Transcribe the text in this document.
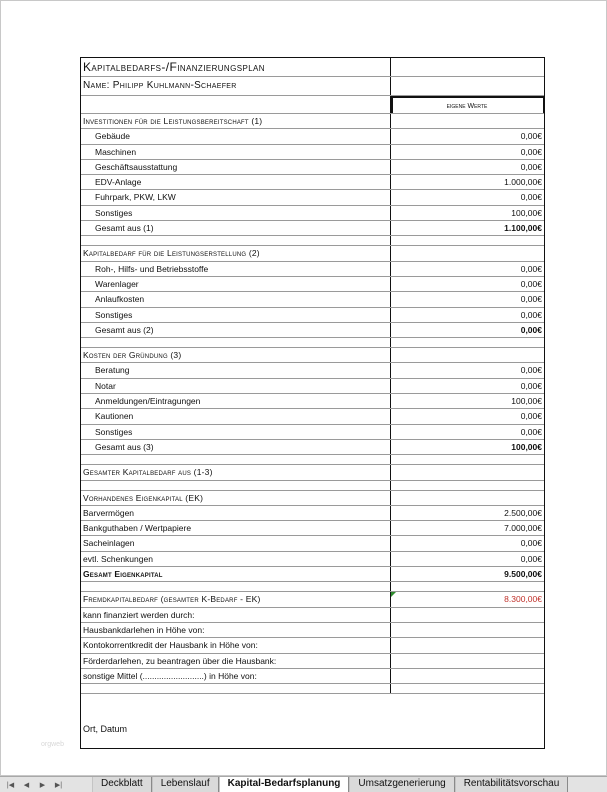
Kapitalbedarfs-/Finanzierungsplan
Name: Philipp Kuhlmann-Schaefer
eigene Werte
Investitionen für die Leistungsbereitschaft (1)
Gebäude	0,00€
Maschinen	0,00€
Geschäftsausstattung	0,00€
EDV-Anlage	1.000,00€
Fuhrpark, PKW, LKW	0,00€
Sonstiges	100,00€
Gesamt aus (1)	1.100,00€
Kapitalbedarf für die Leistungserstellung (2)
Roh-, Hilfs- und Betriebsstoffe	0,00€
Warenlager	0,00€
Anlaufkosten	0,00€
Sonstiges	0,00€
Gesamt aus (2)	0,00€
Kosten der Gründung (3)
Beratung	0,00€
Notar	0,00€
Anmeldungen/Eintragungen	100,00€
Kautionen	0,00€
Sonstiges	0,00€
Gesamt aus (3)	100,00€
Gesamter Kapitalbedarf aus (1-3)
Vorhandenes Eigenkapital (EK)
Barvermögen	2.500,00€
Bankguthaben / Wertpapiere	7.000,00€
Sacheinlagen	0,00€
evtl. Schenkungen	0,00€
Gesamt Eigenkapital	9.500,00€
Fremdkapitalbedarf (gesamter K-Bedarf - EK)	8.300,00€
kann finanziert werden durch:
Hausbankdarlehen in Höhe von:
Kontokorrentkredit der Hausbank in Höhe von:
Förderdarlehen, zu beantragen über die Hausbank:
sonstige Mittel (..........................) in Höhe von:
Ort, Datum
orgweb
|◀	◀	▶	▶|	Deckblatt	Lebenslauf	Kapital-Bedarfsplanung	Umsatzgenerierung	Rentabilitätsvorschau
